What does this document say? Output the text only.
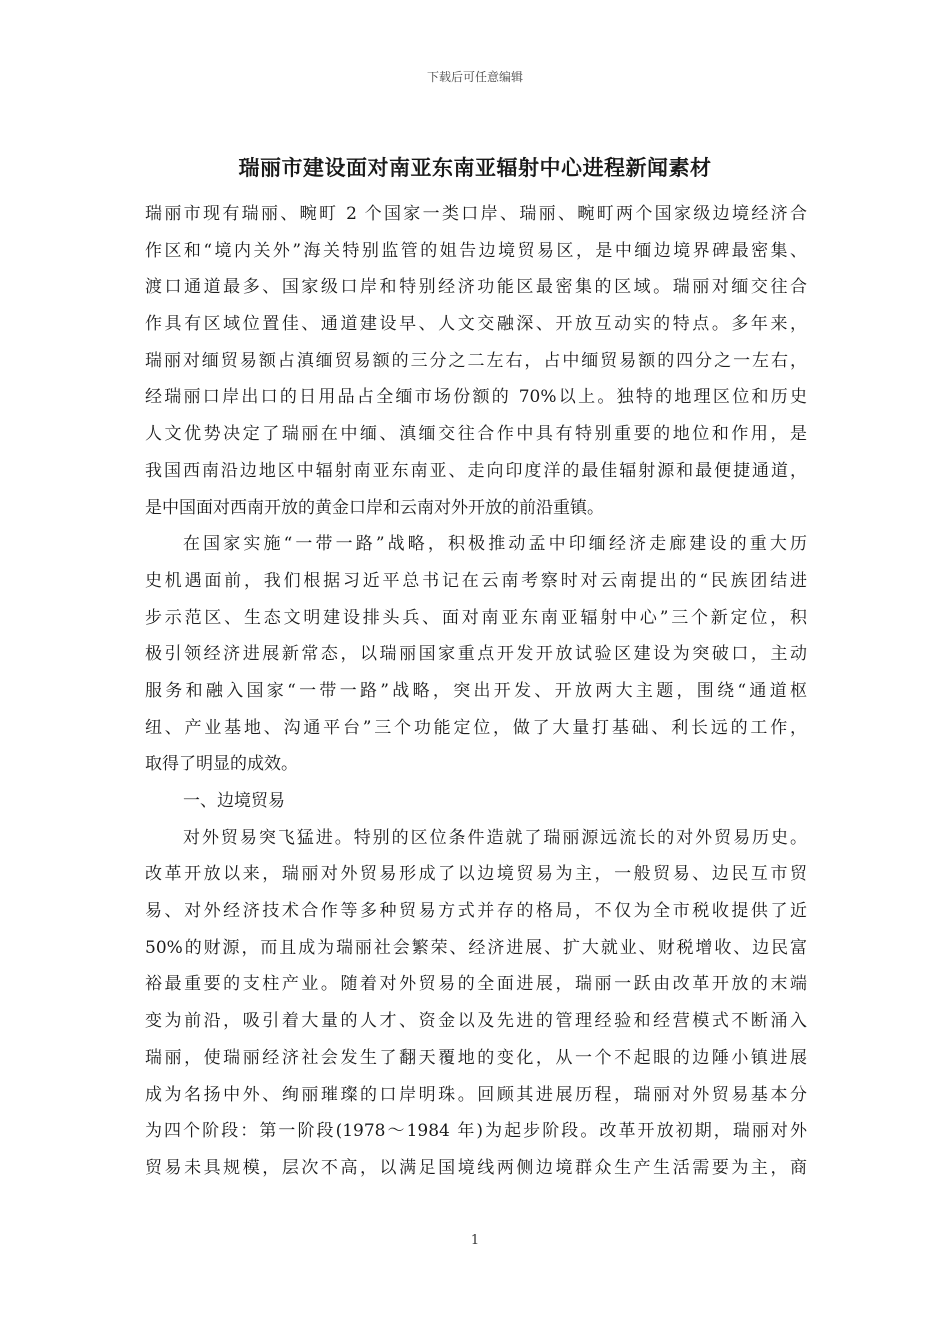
下载后可任意编辑
瑞丽市建设面对南亚东南亚辐射中心进程新闻素材
瑞丽市现有瑞丽、畹町 2 个国家一类口岸、瑞丽、畹町两个国家级边境经济合
作区和“境内关外”海关特别监管的姐告边境贸易区，是中缅边境界碑最密集、
渡口通道最多、国家级口岸和特别经济功能区最密集的区域。瑞丽对缅交往合
作具有区域位置佳、通道建设早、人文交融深、开放互动实的特点。多年来，
瑞丽对缅贸易额占滇缅贸易额的三分之二左右，占中缅贸易额的四分之一左右，
经瑞丽口岸出口的日用品占全缅市场份额的 70%以上。独特的地理区位和历史
人文优势决定了瑞丽在中缅、滇缅交往合作中具有特别重要的地位和作用，是
我国西南沿边地区中辐射南亚东南亚、走向印度洋的最佳辐射源和最便捷通道，
是中国面对西南开放的黄金口岸和云南对外开放的前沿重镇。
在国家实施“一带一路”战略，积极推动孟中印缅经济走廊建设的重大历
史机遇面前，我们根据习近平总书记在云南考察时对云南提出的“民族团结进
步示范区、生态文明建设排头兵、面对南亚东南亚辐射中心”三个新定位，积
极引领经济进展新常态，以瑞丽国家重点开发开放试验区建设为突破口，主动
服务和融入国家“一带一路”战略，突出开发、开放两大主题，围绕“通道枢
纽、产业基地、沟通平台”三个功能定位，做了大量打基础、利长远的工作，
取得了明显的成效。
一、边境贸易
对外贸易突飞猛进。特别的区位条件造就了瑞丽源远流长的对外贸易历史。
改革开放以来，瑞丽对外贸易形成了以边境贸易为主，一般贸易、边民互市贸
易、对外经济技术合作等多种贸易方式并存的格局，不仅为全市税收提供了近
50%的财源，而且成为瑞丽社会繁荣、经济进展、扩大就业、财税增收、边民富
裕最重要的支柱产业。随着对外贸易的全面进展，瑞丽一跃由改革开放的末端
变为前沿，吸引着大量的人才、资金以及先进的管理经验和经营模式不断涌入
瑞丽，使瑞丽经济社会发生了翻天覆地的变化，从一个不起眼的边陲小镇进展
成为名扬中外、绚丽璀璨的口岸明珠。回顾其进展历程，瑞丽对外贸易基本分
为四个阶段：第一阶段(1978～1984 年)为起步阶段。改革开放初期，瑞丽对外
贸易未具规模，层次不高，以满足国境线两侧边境群众生产生活需要为主，商
1
